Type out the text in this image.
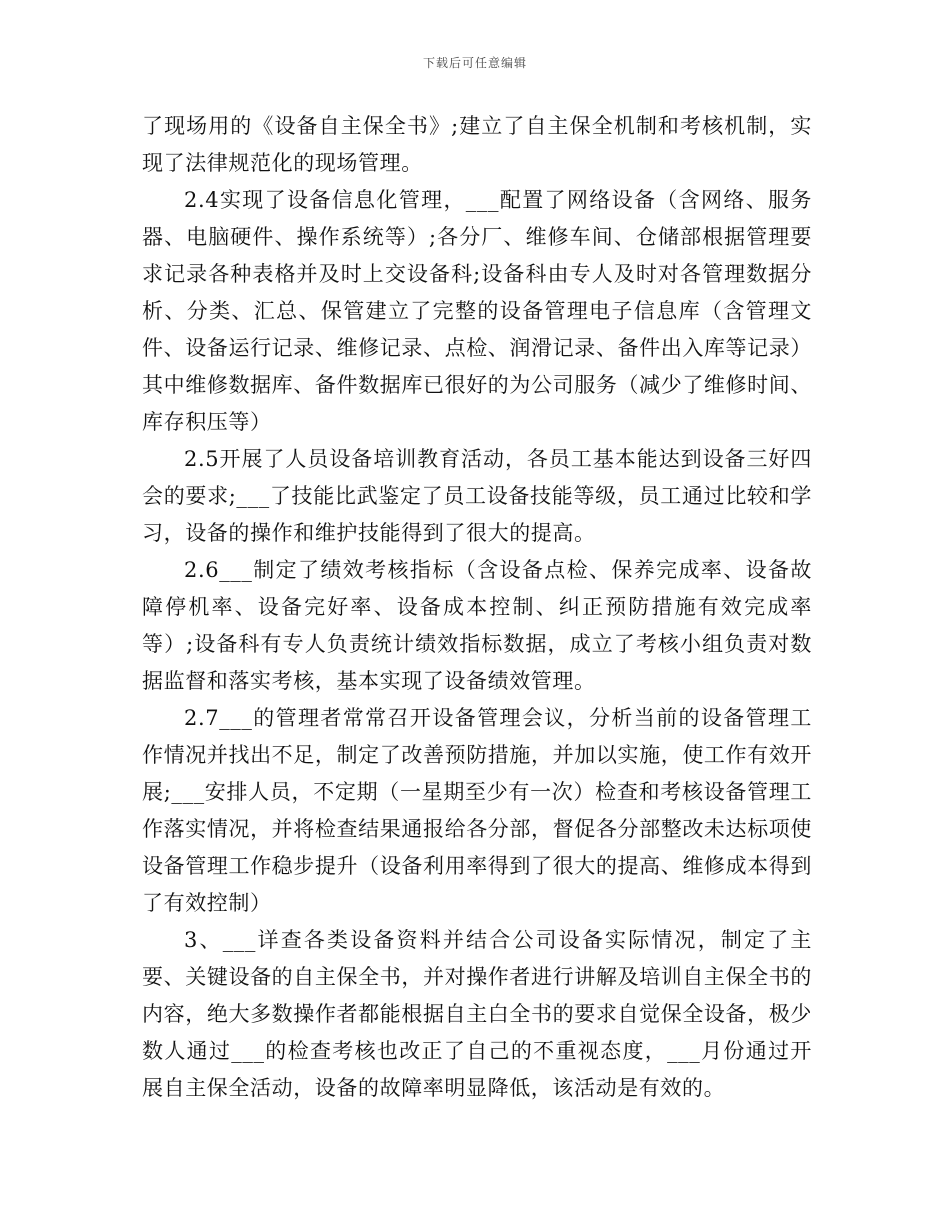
下载后可任意编辑

了现场用的《设备自主保全书》;建立了自主保全机制和考核机制，实现了法律规范化的现场管理。

2.4实现了设备信息化管理，___配置了网络设备（含网络、服务器、电脑硬件、操作系统等）;各分厂、维修车间、仓储部根据管理要求记录各种表格并及时上交设备科;设备科由专人及时对各管理数据分析、分类、汇总、保管建立了完整的设备管理电子信息库（含管理文件、设备运行记录、维修记录、点检、润滑记录、备件出入库等记录）其中维修数据库、备件数据库已很好的为公司服务（减少了维修时间、库存积压等）

2.5开展了人员设备培训教育活动，各员工基本能达到设备三好四会的要求;___了技能比武鉴定了员工设备技能等级，员工通过比较和学习，设备的操作和维护技能得到了很大的提高。

2.6___制定了绩效考核指标（含设备点检、保养完成率、设备故障停机率、设备完好率、设备成本控制、纠正预防措施有效完成率等）;设备科有专人负责统计绩效指标数据，成立了考核小组负责对数据监督和落实考核，基本实现了设备绩效管理。

2.7___的管理者常常召开设备管理会议，分析当前的设备管理工作情况并找出不足，制定了改善预防措施，并加以实施，使工作有效开展;___安排人员，不定期（一星期至少有一次）检查和考核设备管理工作落实情况，并将检查结果通报给各分部，督促各分部整改未达标项使设备管理工作稳步提升（设备利用率得到了很大的提高、维修成本得到了有效控制）

3、___详查各类设备资料并结合公司设备实际情况，制定了主要、关键设备的自主保全书，并对操作者进行讲解及培训自主保全书的内容，绝大多数操作者都能根据自主白全书的要求自觉保全设备，极少数人通过___的检查考核也改正了自己的不重视态度，___月份通过开展自主保全活动，设备的故障率明显降低，该活动是有效的。
